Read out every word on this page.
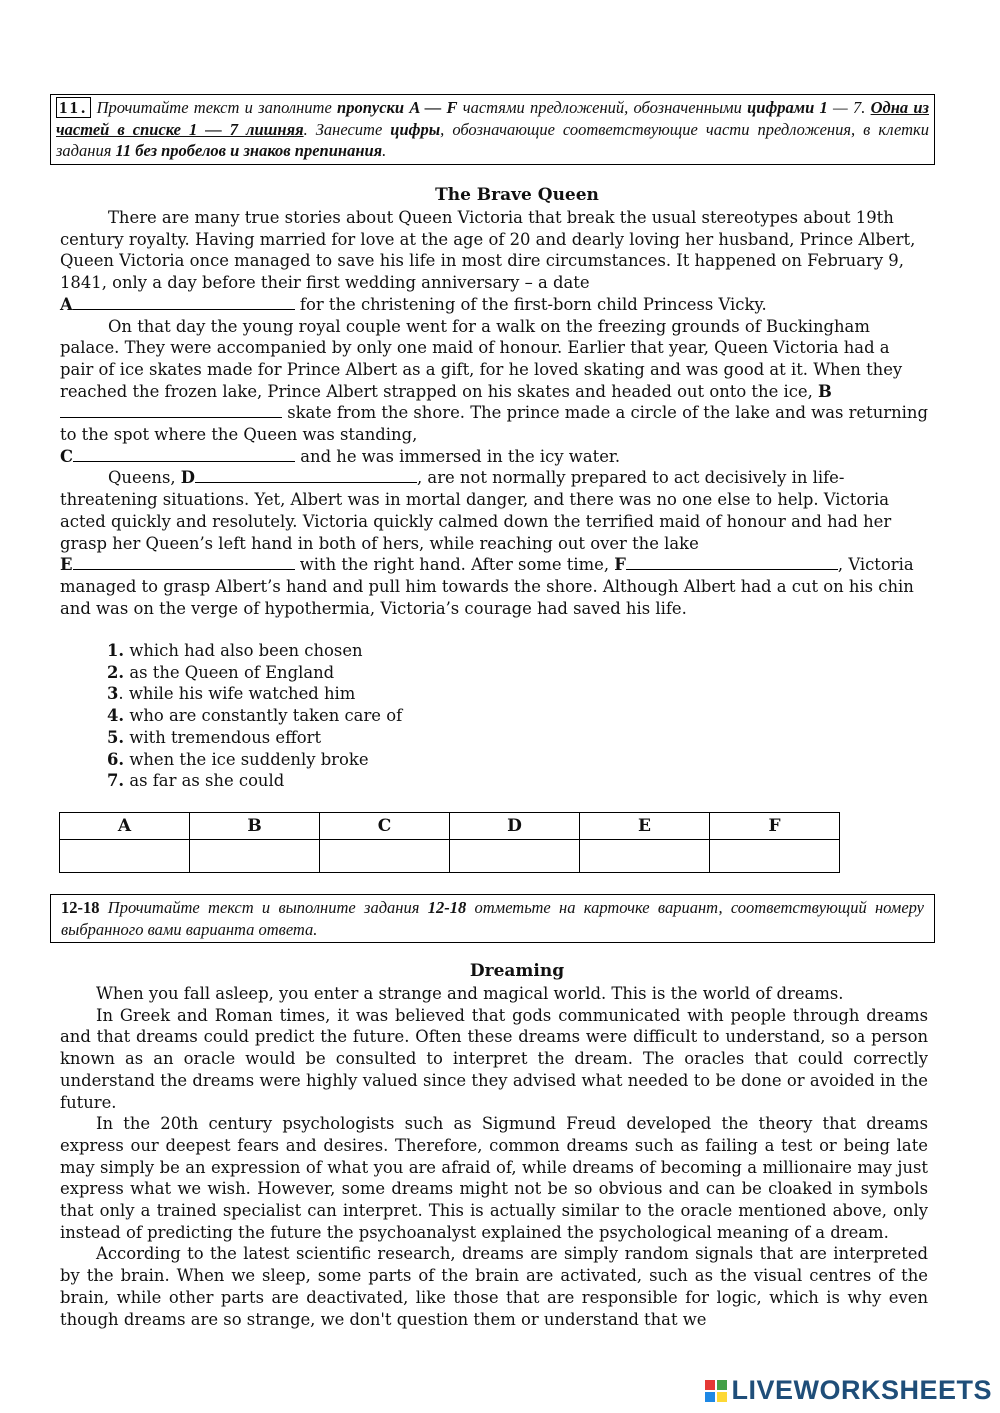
11. Прочитайте текст и заполните пропуски A — F частями предложений, обозначенными цифрами 1 — 7. Одна из частей в списке 1 — 7 лишняя. Занесите цифры, обозначающие соответствующие части предложения, в клетки задания 11 без пробелов и знаков препинания.
The Brave Queen

There are many true stories about Queen Victoria that break the usual stereotypes about 19th century royalty. Having married for love at the age of 20 and dearly loving her husband, Prince Albert, Queen Victoria once managed to save his life in most dire circumstances. It happened on February 9, 1841, only a day before their first wedding anniversary – a date
A	for the christening of the first-born child Princess Vicky.

On that day the young royal couple went for a walk on the freezing grounds of Buckingham palace. They were accompanied by only one maid of honour. Earlier that year, Queen Victoria had a pair of ice skates made for Prince Albert as a gift, for he loved skating and was good at it. When they reached the frozen lake, Prince Albert strapped on his skates and headed out onto the ice, B skate from the shore. The prince made a circle of the lake and was returning to the spot where the Queen was standing,
C	and he was immersed in the icy water.

Queens, D	, are not normally prepared to act decisively in life-threatening situations. Yet, Albert was in mortal danger, and there was no one else to help. Victoria acted quickly and resolutely. Victoria quickly calmed down the terrified maid of honour and had her grasp her Queen’s left hand in both of hers, while reaching out over the lake
E	with the right hand. After some time, F	, Victoria managed to grasp Albert’s hand and pull him towards the shore. Although Albert had a cut on his chin and was on the verge of hypothermia, Victoria’s courage had saved his life.

1. which had also been chosen
2. as the Queen of England
3. while his wife watched him
4. who are constantly taken care of
5. with tremendous effort
6. when the ice suddenly broke
7. as far as she could
A	B	C	D	E	F

12-18 Прочитайте текст и выполните задания 12-18 отметьте на карточке вариант, соответствующий номеру выбранного вами варианта ответа.
Dreaming

When you fall asleep, you enter a strange and magical world. This is the world of dreams.

In Greek and Roman times, it was believed that gods communicated with people through dreams and that dreams could predict the future. Often these dreams were difficult to understand, so a person known as an oracle would be consulted to interpret the dream. The oracles that could correctly understand the dreams were highly valued since they advised what needed to be done or avoided in the future.

In the 20th century psychologists such as Sigmund Freud developed the theory that dreams express our deepest fears and desires. Therefore, common dreams such as failing a test or being late may simply be an expression of what you are afraid of, while dreams of becoming a millionaire may just express what we wish. However, some dreams might not be so obvious and can be cloaked in symbols that only a trained specialist can interpret. This is actually similar to the oracle mentioned above, only instead of predicting the future the psychoanalyst explained the psychological meaning of a dream.

According to the latest scientific research, dreams are simply random signals that are interpreted by the brain. When we sleep, some parts of the brain are activated, such as the visual centres of the brain, while other parts are deactivated, like those that are responsible for logic, which is why even though dreams are so strange, we don't question them or understand that we

LIVEWORKSHEETS
